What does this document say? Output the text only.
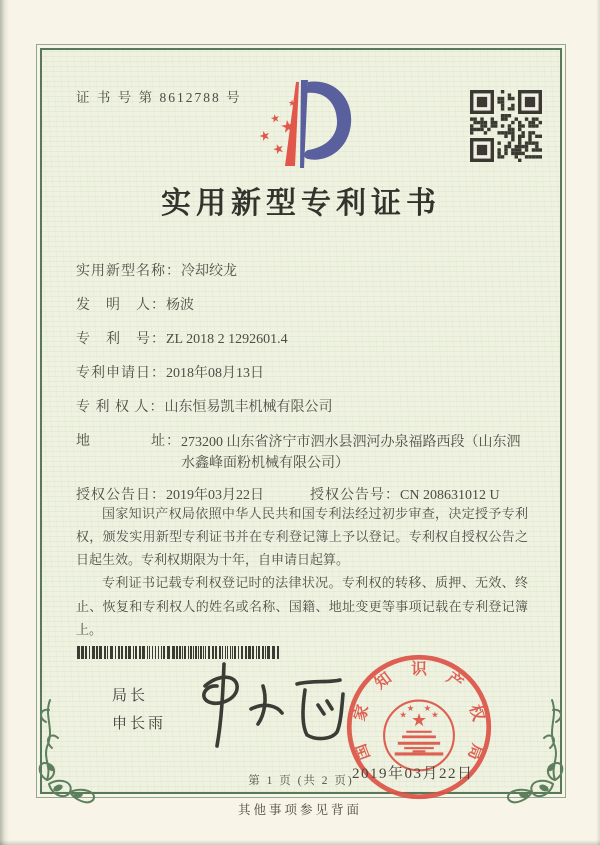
证 书 号 第 8612788 号
★
★
★
★
★
实用新型专利证书
实用新型名称：冷却绞龙
发　明　人：杨波
专　利　号：ZL 2018 2 1292601.4
专利申请日：2018年08月13日
专 利 权 人：山东恒易凯丰机械有限公司
地　　　　址： 273200 山东省济宁市泗水县泗河办泉福路西段（山东泗水鑫峰面粉机械有限公司）
授权公告日：2019年03月22日	授权公告号：CN 208631012 U

国家知识产权局依照中华人民共和国专利法经过初步审查，决定授予专利权，颁发实用新型专利证书并在专利登记簿上予以登记。专利权自授权公告之日起生效。专利权期限为十年，自申请日起算。

专利证书记载专利权登记时的法律状况。专利权的转移、质押、无效、终止、恢复和专利权人的姓名或名称、国籍、地址变更等事项记载在专利登记簿上。

局长
申长雨	★
★
★ ★
★
国
家
知 识 产
权
局
2019年03月22日
第 1 页 (共 2 页)
其他事项参见背面
